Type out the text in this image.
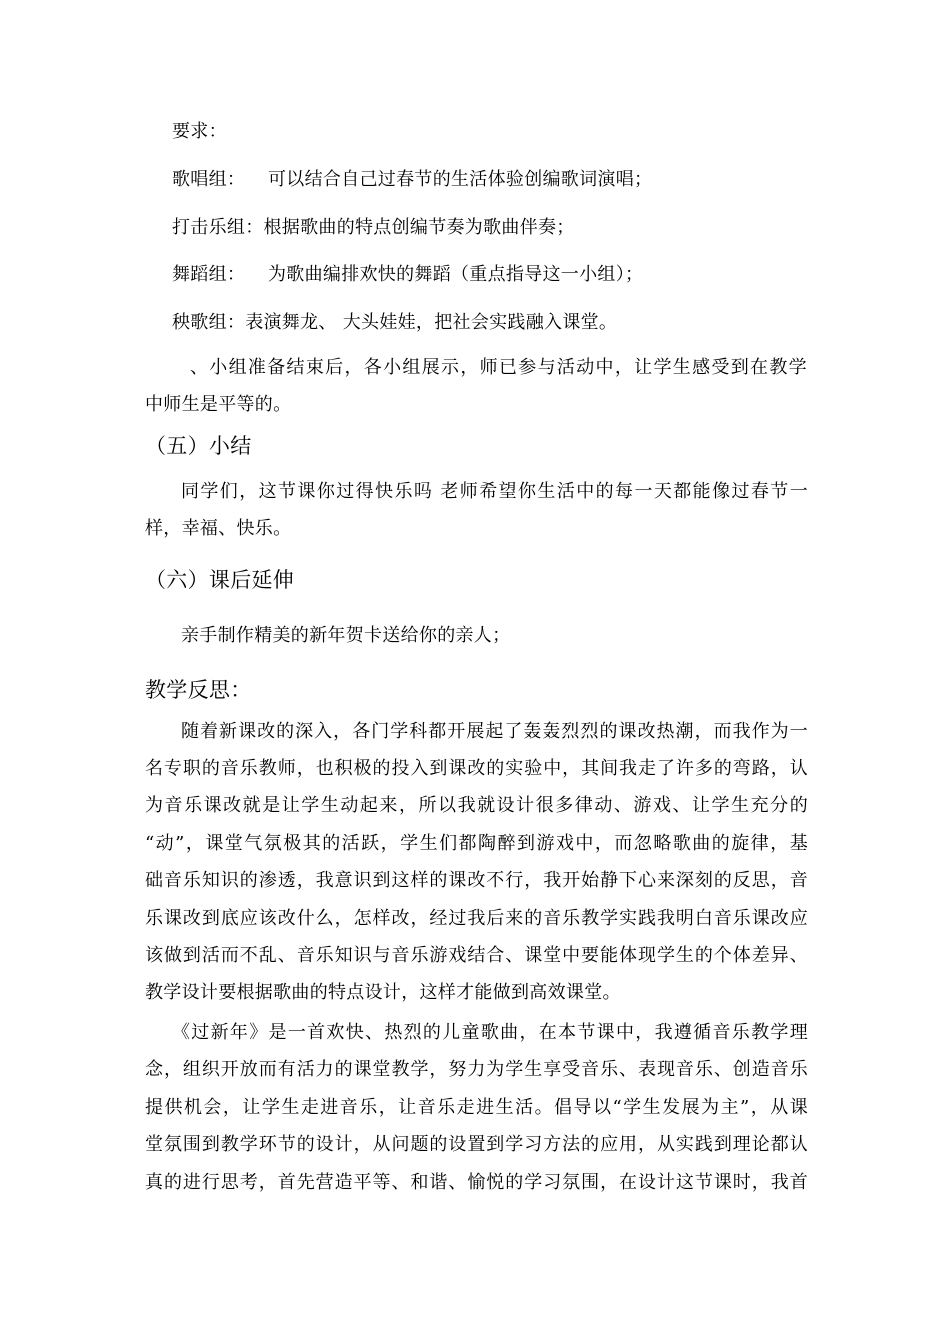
要求：
歌唱组： 可以结合自己过春节的生活体验创编歌词演唱；
打击乐组：根据歌曲的特点创编节奏为歌曲伴奏；
舞蹈组： 为歌曲编排欢快的舞蹈（重点指导这一小组）；
秧歌组：表演舞龙、 大头娃娃，把社会实践融入课堂。
、小组准备结束后，各小组展示，师已参与活动中，让学生感受到在教学
中师生是平等的。
（五）小结
同学们，这节课你过得快乐吗 老师希望你生活中的每一天都能像过春节一
样，幸福、快乐。
（六）课后延伸
亲手制作精美的新年贺卡送给你的亲人；
教学反思：
随着新课改的深入，各门学科都开展起了轰轰烈烈的课改热潮，而我作为一
名专职的音乐教师，也积极的投入到课改的实验中，其间我走了许多的弯路，认
为音乐课改就是让学生动起来，所以我就设计很多律动、游戏、让学生充分的
“动”，课堂气氛极其的活跃，学生们都陶醉到游戏中，而忽略歌曲的旋律，基
础音乐知识的渗透，我意识到这样的课改不行，我开始静下心来深刻的反思，音
乐课改到底应该改什么，怎样改，经过我后来的音乐教学实践我明白音乐课改应
该做到活而不乱、音乐知识与音乐游戏结合、课堂中要能体现学生的个体差异、
教学设计要根据歌曲的特点设计，这样才能做到高效课堂。
《过新年》是一首欢快、热烈的儿童歌曲，在本节课中，我遵循音乐教学理
念，组织开放而有活力的课堂教学，努力为学生享受音乐、表现音乐、创造音乐
提供机会，让学生走进音乐，让音乐走进生活。倡导以“学生发展为主”，从课
堂氛围到教学环节的设计，从问题的设置到学习方法的应用，从实践到理论都认
真的进行思考，首先营造平等、和谐、愉悦的学习氛围，在设计这节课时，我首
